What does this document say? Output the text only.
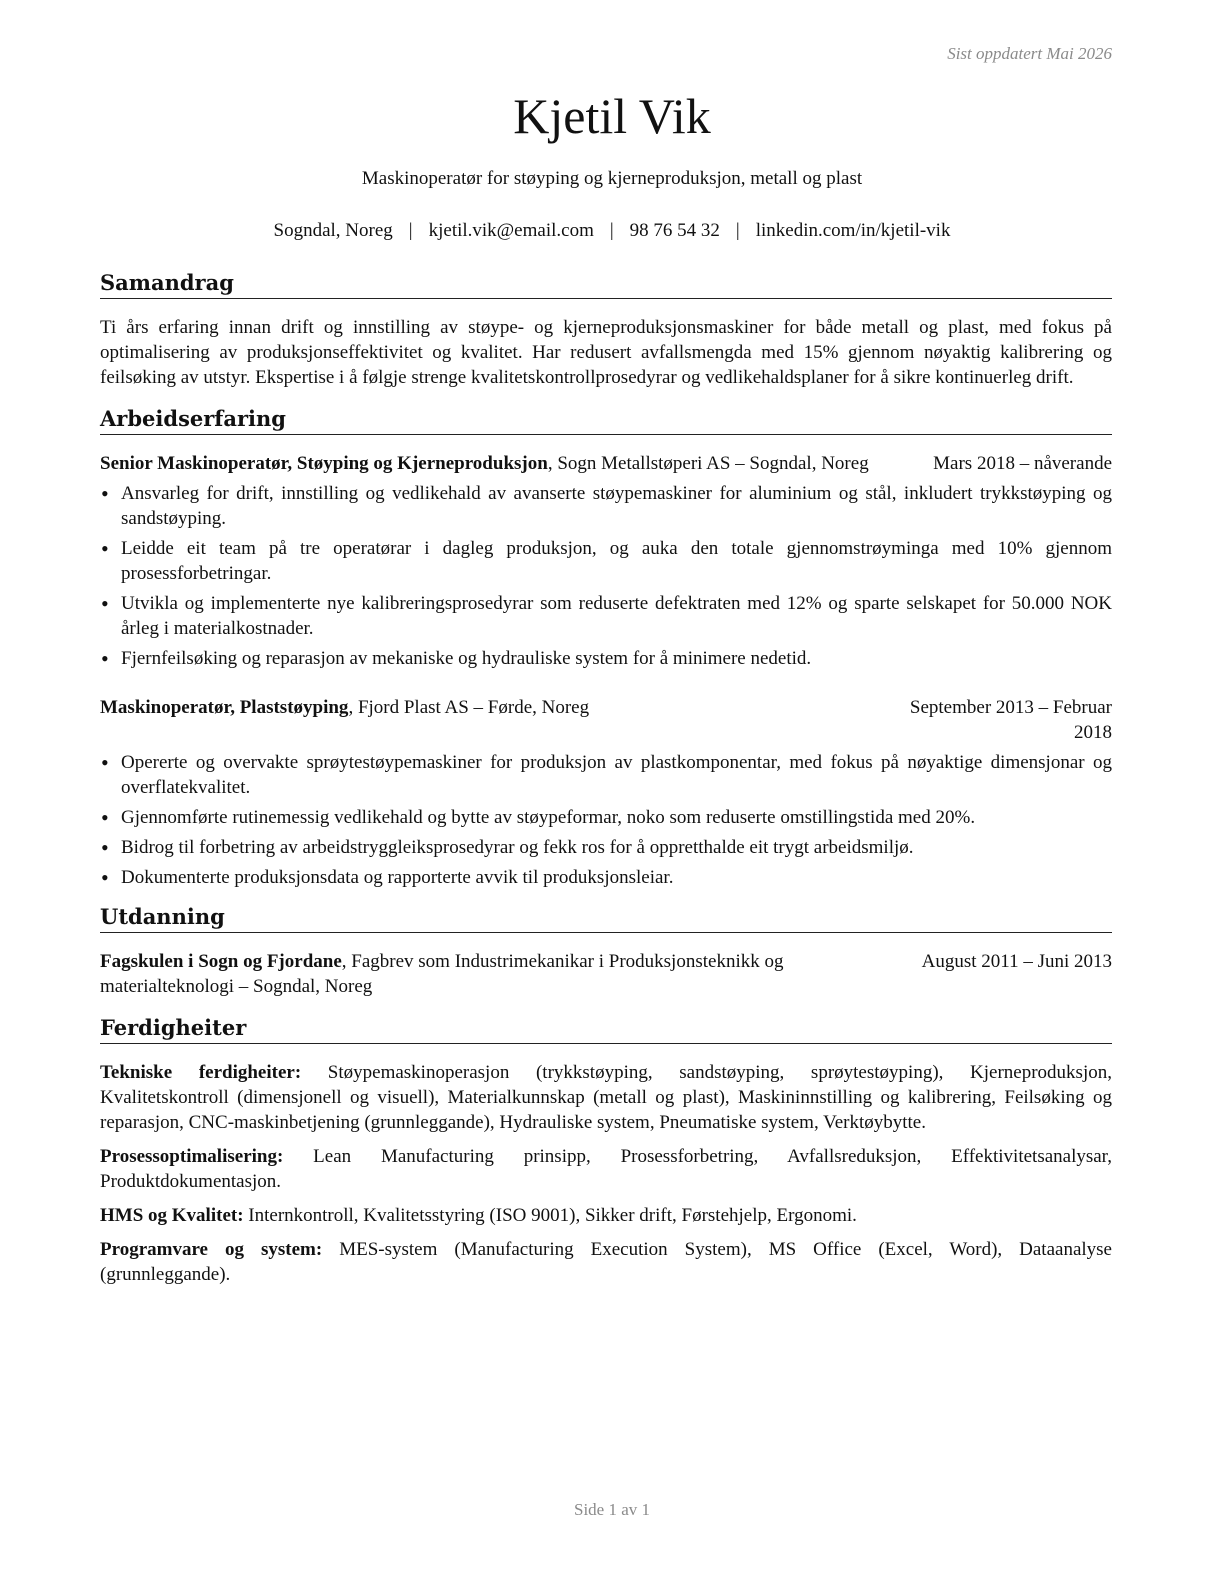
Sist oppdatert Mai 2026
Kjetil Vik
Maskinoperatør for støyping og kjerneproduksjon, metall og plast
Sogndal, Noreg | kjetil.vik@email.com | 98 76 54 32 | linkedin.com/in/kjetil-vik
Samandrag

Ti års erfaring innan drift og innstilling av støype- og kjerneproduksjonsmaskiner for både metall og plast, med fokus på optimalisering av produksjonseffektivitet og kvalitet. Har redusert avfallsmengda med 15% gjennom nøyaktig kalibrering og feilsøking av utstyr. Ekspertise i å følgje strenge kvalitetskontrollprosedyrar og vedlikehaldsplaner for å sikre kontinuerleg drift.

Arbeidserfaring
Senior Maskinoperatør, Støyping og Kjerneproduksjon, Sogn Metallstøperi AS – Sogndal, Noreg	Mars 2018 – nåverande
• Ansvarleg for drift, innstilling og vedlikehald av avanserte støypemaskiner for aluminium og stål, inkludert trykkstøyping og sandstøyping.
• Leidde eit team på tre operatørar i dagleg produksjon, og auka den totale gjennomstrøyminga med 10% gjennom prosessforbetringar.
• Utvikla og implementerte nye kalibreringsprosedyrar som reduserte defektraten med 12% og sparte selskapet for 50.000 NOK årleg i materialkostnader.
• Fjernfeilsøking og reparasjon av mekaniske og hydrauliske system for å minimere nedetid.
Maskinoperatør, Plaststøyping, Fjord Plast AS – Førde, Noreg	September 2013 – Februar 2018
• Opererte og overvakte sprøytestøypemaskiner for produksjon av plastkomponentar, med fokus på nøyaktige dimensjonar og overflatekvalitet.
• Gjennomførte rutinemessig vedlikehald og bytte av støypeformar, noko som reduserte omstillingstida med 20%.
• Bidrog til forbetring av arbeidstryggleiksprosedyrar og fekk ros for å oppretthalde eit trygt arbeidsmiljø.
• Dokumenterte produksjonsdata og rapporterte avvik til produksjonsleiar.
Utdanning
Fagskulen i Sogn og Fjordane, Fagbrev som Industrimekanikar i Produksjonsteknikk og materialteknologi – Sogndal, Noreg
August 2011 – Juni 2013
Ferdigheiter

Tekniske ferdigheiter: Støypemaskinoperasjon (trykkstøyping, sandstøyping, sprøytestøyping), Kjerneproduksjon, Kvalitetskontroll (dimensjonell og visuell), Materialkunnskap (metall og plast), Maskininnstilling og kalibrering, Feilsøking og reparasjon, CNC-maskinbetjening (grunnleggande), Hydrauliske system, Pneumatiske system, Verktøybytte.

Prosessoptimalisering: Lean Manufacturing prinsipp, Prosessforbetring, Avfallsreduksjon, Effektivitetsanalysar, Produktdokumentasjon.

HMS og Kvalitet: Internkontroll, Kvalitetsstyring (ISO 9001), Sikker drift, Førstehjelp, Ergonomi.

Programvare og system: MES-system (Manufacturing Execution System), MS Office (Excel, Word), Dataanalyse (grunnleggande).

Side 1 av 1
